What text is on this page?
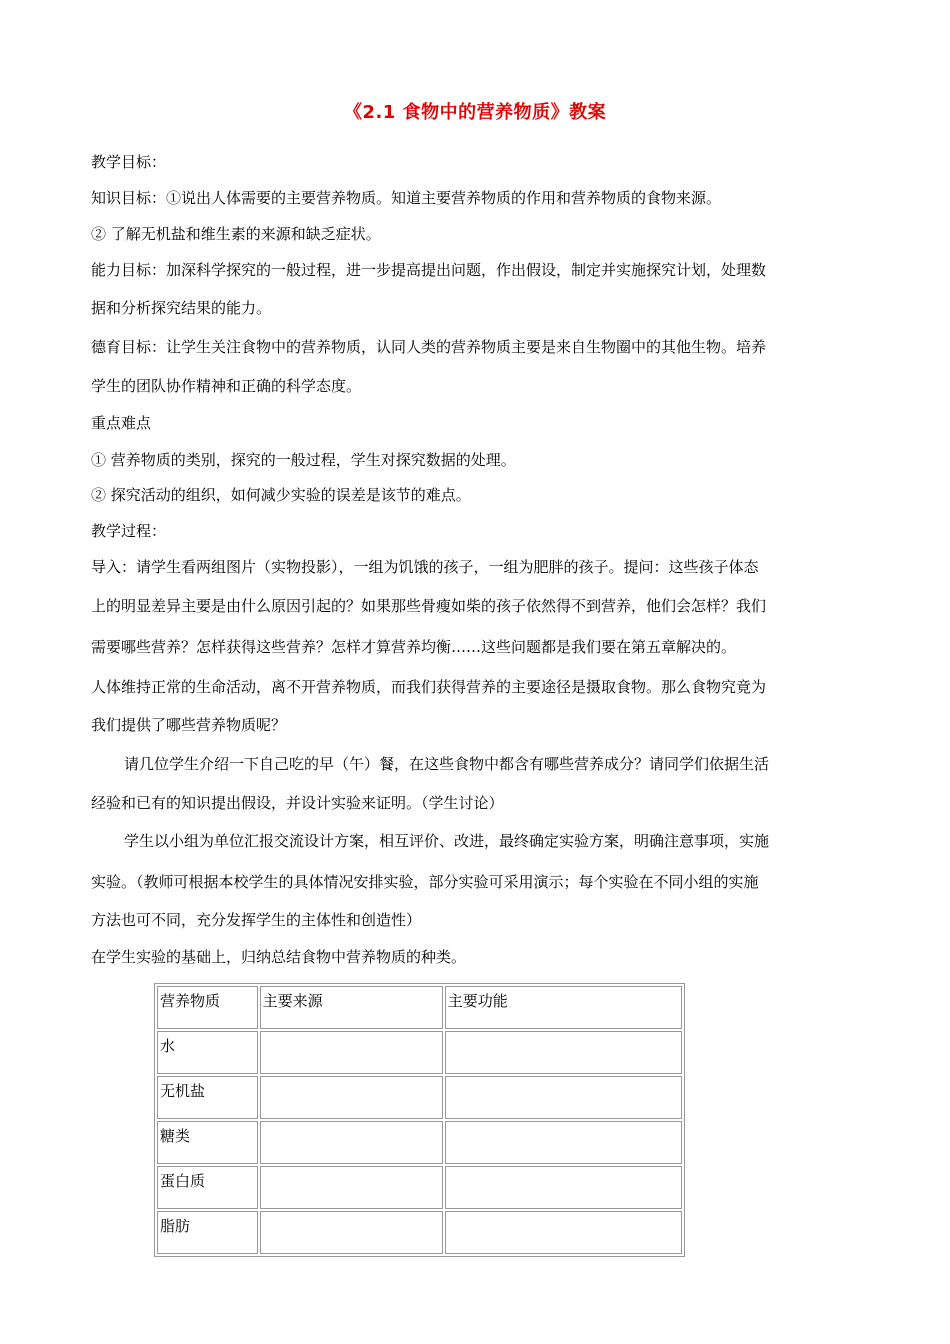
《2.1 食物中的营养物质》教案
教学目标：
知识目标：①说出人体需要的主要营养物质。知道主要营养物质的作用和营养物质的食物来源。
② 了解无机盐和维生素的来源和缺乏症状。
能力目标：加深科学探究的一般过程，进一步提高提出问题，作出假设，制定并实施探究计划，处理数
据和分析探究结果的能力。
德育目标：让学生关注食物中的营养物质，认同人类的营养物质主要是来自生物圈中的其他生物。培养
学生的团队协作精神和正确的科学态度。
重点难点
① 营养物质的类别，探究的一般过程，学生对探究数据的处理。
② 探究活动的组织，如何减少实验的误差是该节的难点。
教学过程：
导入：请学生看两组图片（实物投影），一组为饥饿的孩子，一组为肥胖的孩子。提问：这些孩子体态
上的明显差异主要是由什么原因引起的？如果那些骨瘦如柴的孩子依然得不到营养，他们会怎样？我们
需要哪些营养？怎样获得这些营养？怎样才算营养均衡……这些问题都是我们要在第五章解决的。
人体维持正常的生命活动，离不开营养物质，而我们获得营养的主要途径是摄取食物。那么食物究竟为
我们提供了哪些营养物质呢？
请几位学生介绍一下自己吃的早（午）餐，在这些食物中都含有哪些营养成分？请同学们依据生活
经验和已有的知识提出假设，并设计实验来证明。（学生讨论）
学生以小组为单位汇报交流设计方案，相互评价、改进，最终确定实验方案，明确注意事项，实施
实验。（教师可根据本校学生的具体情况安排实验，部分实验可采用演示；每个实验在不同小组的实施
方法也可不同，充分发挥学生的主体性和创造性）
在学生实验的基础上，归纳总结食物中营养物质的种类。
营养物质	主要来源	主要功能
水		
无机盐		
糖类		
蛋白质		
脂肪		
